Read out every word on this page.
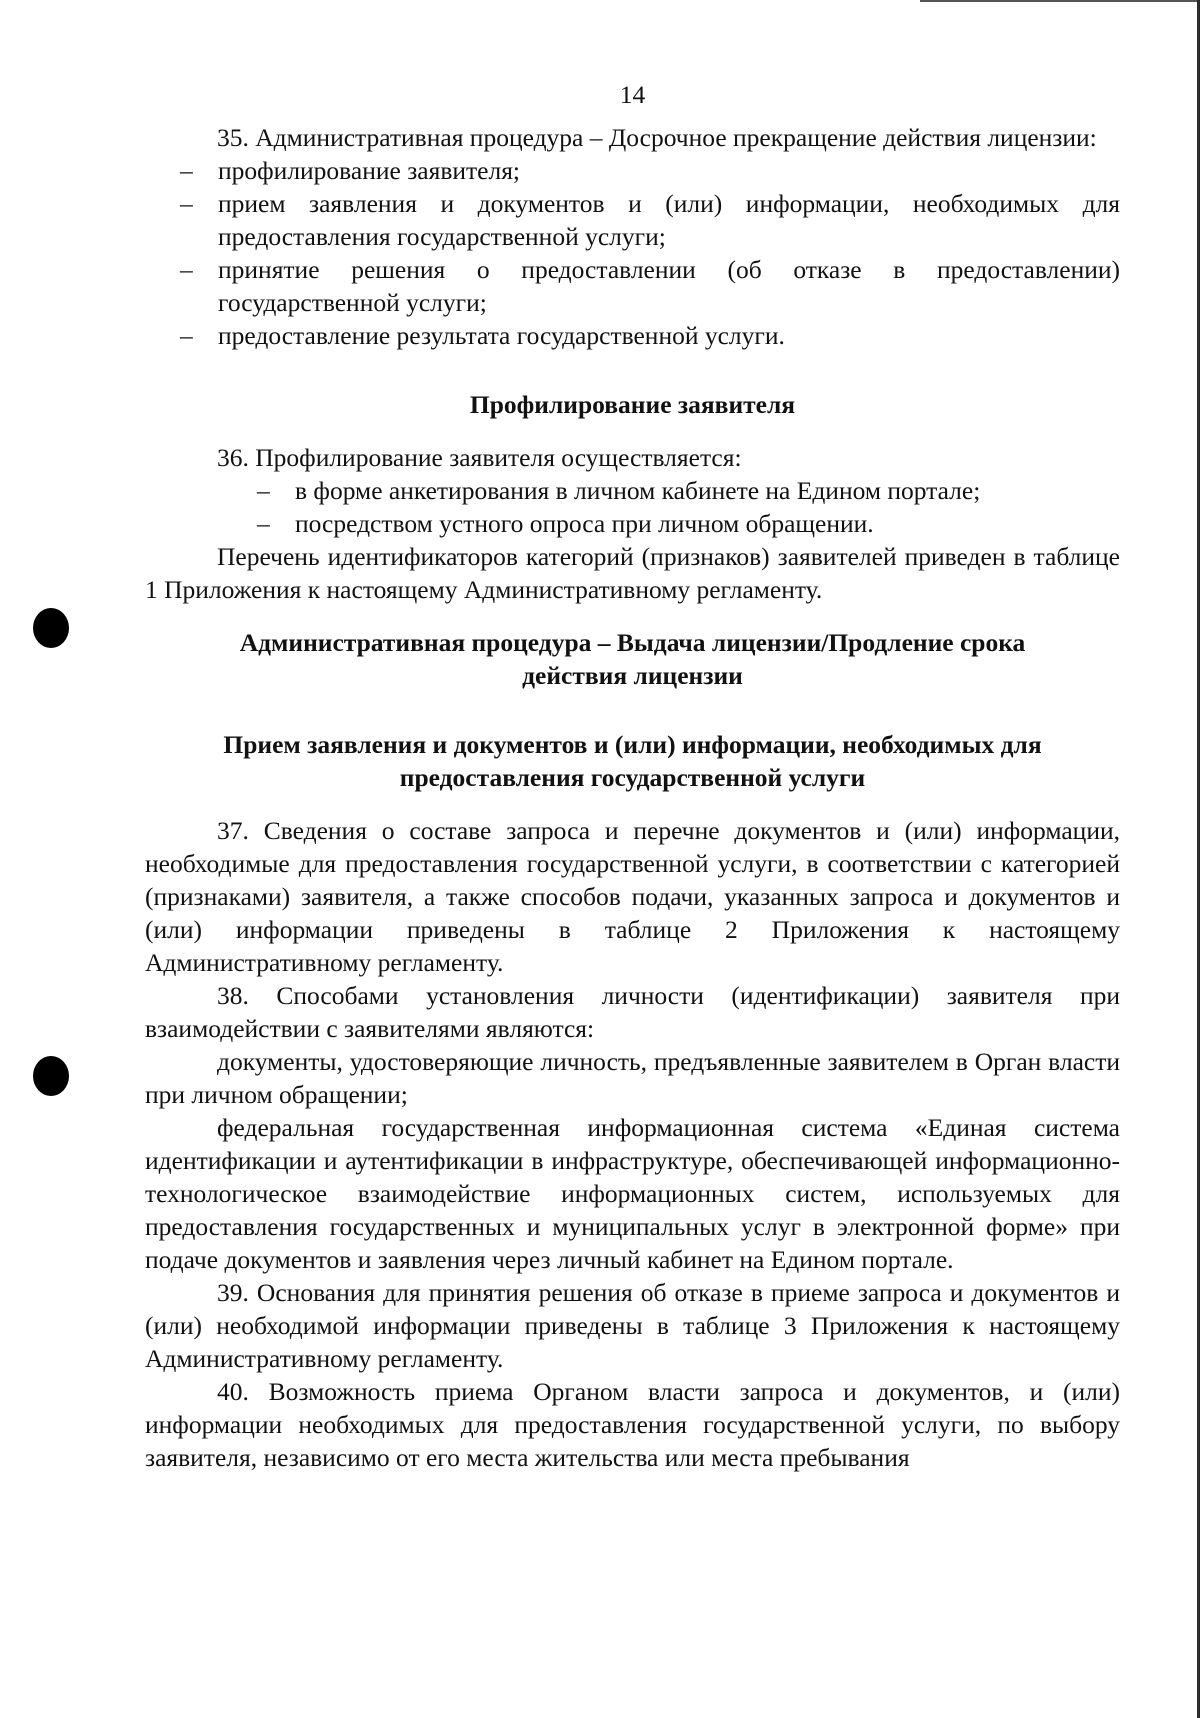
14

35. Административная процедура – Досрочное прекращение действия лицензии:

– профилирование заявителя;
– прием заявления и документов и (или) информации, необходимых для предоставления государственной услуги;
– принятие решения о предоставлении (об отказе в предоставлении) государственной услуги;
– предоставление результата государственной услуги.
Профилирование заявителя

36. Профилирование заявителя осуществляется:

– в форме анкетирования в личном кабинете на Едином портале;
– посредством устного опроса при личном обращении.

Перечень идентификаторов категорий (признаков) заявителей приведен в таблице 1 Приложения к настоящему Административному регламенту.

Административная процедура – Выдача лицензии/Продление срока
действия лицензии
Прием заявления и документов и (или) информации, необходимых для
предоставления государственной услуги

37. Сведения о составе запроса и перечне документов и (или) информации, необходимые для предоставления государственной услуги, в соответствии с категорией (признаками) заявителя, а также способов подачи, указанных запроса и документов и (или) информации приведены в таблице 2 Приложения к настоящему Административному регламенту.

38. Способами установления личности (идентификации) заявителя при взаимодействии с заявителями являются:

документы, удостоверяющие личность, предъявленные заявителем в Орган власти при личном обращении;

федеральная государственная информационная система «Единая система идентификации и аутентификации в инфраструктуре, обеспечивающей информационно-технологическое взаимодействие информационных систем, используемых для предоставления государственных и муниципальных услуг в электронной форме» при подаче документов и заявления через личный кабинет на Едином портале.

39. Основания для принятия решения об отказе в приеме запроса и документов и (или) необходимой информации приведены в таблице 3 Приложения к настоящему Административному регламенту.

40. Возможность приема Органом власти запроса и документов, и (или) информации необходимых для предоставления государственной услуги, по выбору заявителя, независимо от его места жительства или места пребывания
